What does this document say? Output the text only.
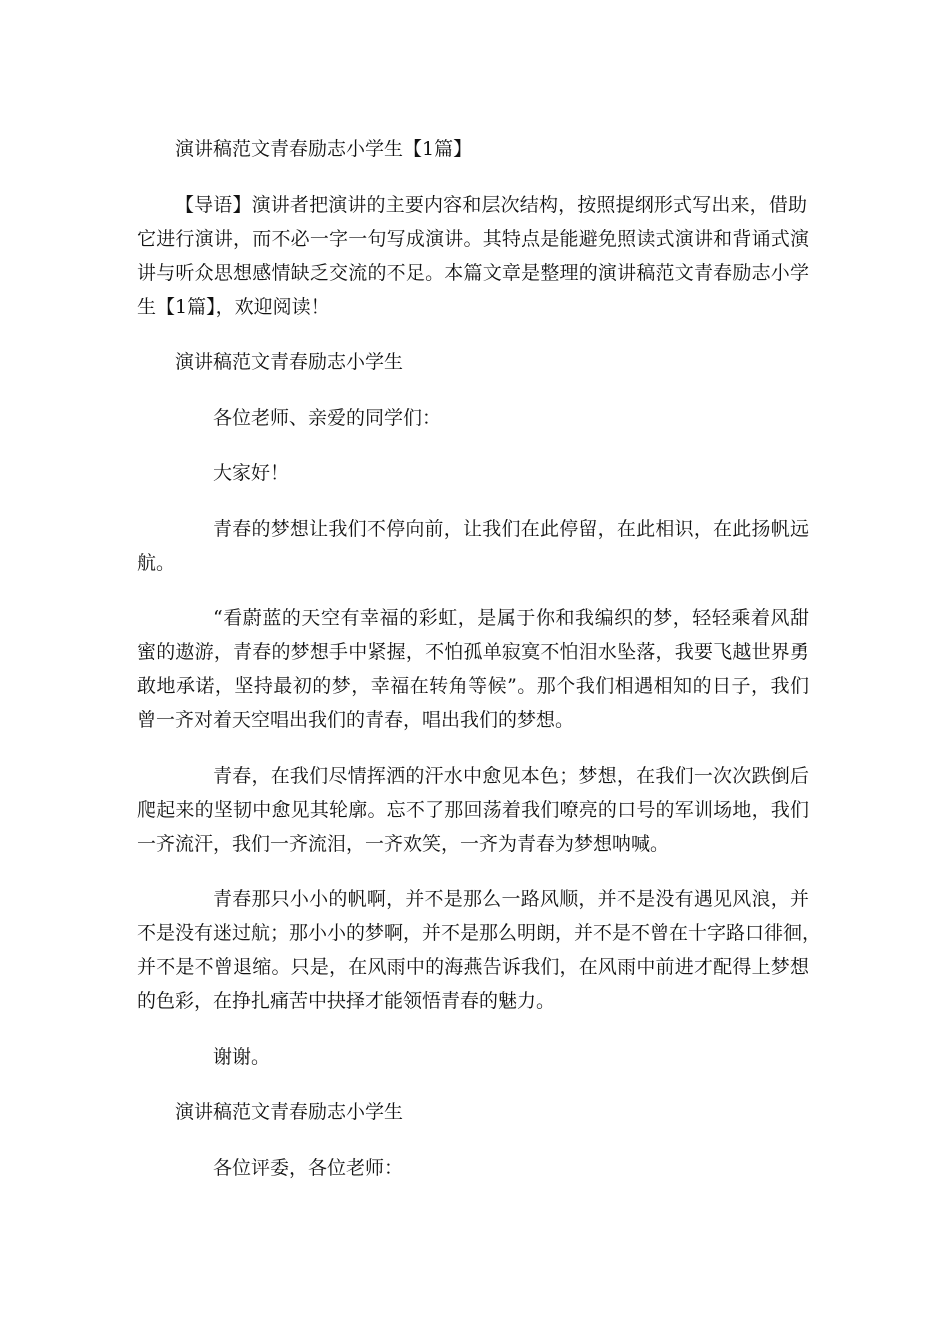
演讲稿范文青春励志小学生【1篇】
【导语】演讲者把演讲的主要内容和层次结构，按照提纲形式写出来，借助
它进行演讲，而不必一字一句写成演讲。其特点是能避免照读式演讲和背诵式演
讲与听众思想感情缺乏交流的不足。本篇文章是整理的演讲稿范文青春励志小学
生【1篇】，欢迎阅读！
演讲稿范文青春励志小学生
各位老师、亲爱的同学们：
大家好！
青春的梦想让我们不停向前，让我们在此停留，在此相识，在此扬帆远
航。
“看蔚蓝的天空有幸福的彩虹，是属于你和我编织的梦，轻轻乘着风甜
蜜的遨游，青春的梦想手中紧握，不怕孤单寂寞不怕泪水坠落，我要飞越世界勇
敢地承诺，坚持最初的梦，幸福在转角等候”。那个我们相遇相知的日子，我们
曾一齐对着天空唱出我们的青春，唱出我们的梦想。
青春，在我们尽情挥洒的汗水中愈见本色；梦想，在我们一次次跌倒后
爬起来的坚韧中愈见其轮廓。忘不了那回荡着我们嘹亮的口号的军训场地，我们
一齐流汗，我们一齐流泪，一齐欢笑，一齐为青春为梦想呐喊。
青春那只小小的帆啊，并不是那么一路风顺，并不是没有遇见风浪，并
不是没有迷过航；那小小的梦啊，并不是那么明朗，并不是不曾在十字路口徘徊，
并不是不曾退缩。只是，在风雨中的海燕告诉我们，在风雨中前进才配得上梦想
的色彩，在挣扎痛苦中抉择才能领悟青春的魅力。
谢谢。
演讲稿范文青春励志小学生
各位评委，各位老师：
